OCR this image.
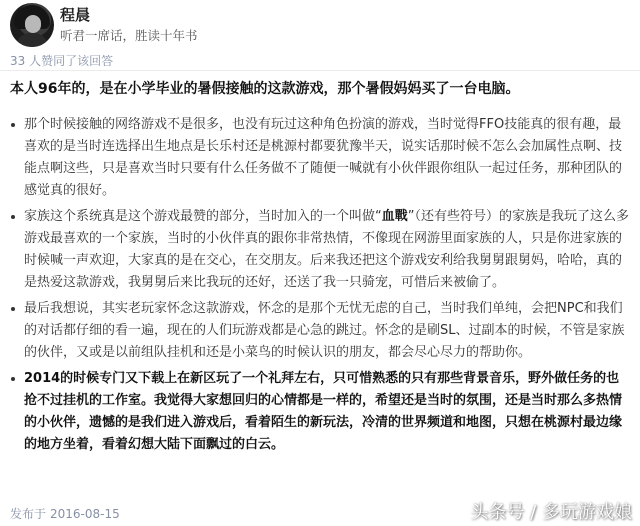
程晨
听君一席话，胜读十年书
33 人赞同了该回答
本人96年的，是在小学毕业的暑假接触的这款游戏，那个暑假妈妈买了一台电脑。

那个时候接触的网络游戏不是很多，也没有玩过这种角色扮演的游戏，当时觉得FFO技能真的很有趣，最喜欢的是当时连选择出生地点是长乐村还是桃源村都要犹豫半天，说实话那时候不怎么会加属性点啊、技能点啊这些，只是喜欢当时只要有什么任务做不了随便一喊就有小伙伴跟你组队一起过任务，那种团队的感觉真的很好。

家族这个系统真是这个游戏最赞的部分，当时加入的一个叫做“血戰”（还有些符号）的家族是我玩了这么多游戏最喜欢的一个家族，当时的小伙伴真的跟你非常热情，不像现在网游里面家族的人，只是你进家族的时候喊一声欢迎，大家真的是在交心，在交朋友。后来我还把这个游戏安利给我舅舅跟舅妈，哈哈，真的是热爱这款游戏，我舅舅后来比我玩的还好，还送了我一只骑宠，可惜后来被偷了。

最后我想说，其实老玩家怀念这款游戏，怀念的是那个无忧无虑的自己，当时我们单纯，会把NPC和我们的对话都仔细的看一遍，现在的人们玩游戏都是心急的跳过。怀念的是刷SL、过副本的时候，不管是家族的伙伴，又或是以前组队挂机和还是小菜鸟的时候认识的朋友，都会尽心尽力的帮助你。

2014的时候专门又下载上在新区玩了一个礼拜左右，只可惜熟悉的只有那些背景音乐，野外做任务的也抢不过挂机的工作室。我觉得大家想回归的心情都是一样的，希望还是当时的氛围，还是当时那么多热情的小伙伴，遗憾的是我们进入游戏后，看着陌生的新玩法，冷清的世界频道和地图，只想在桃源村最边缘的地方坐着，看着幻想大陆下面飘过的白云。

发布于 2016-08-15	头条号 / 多玩游戏娘
